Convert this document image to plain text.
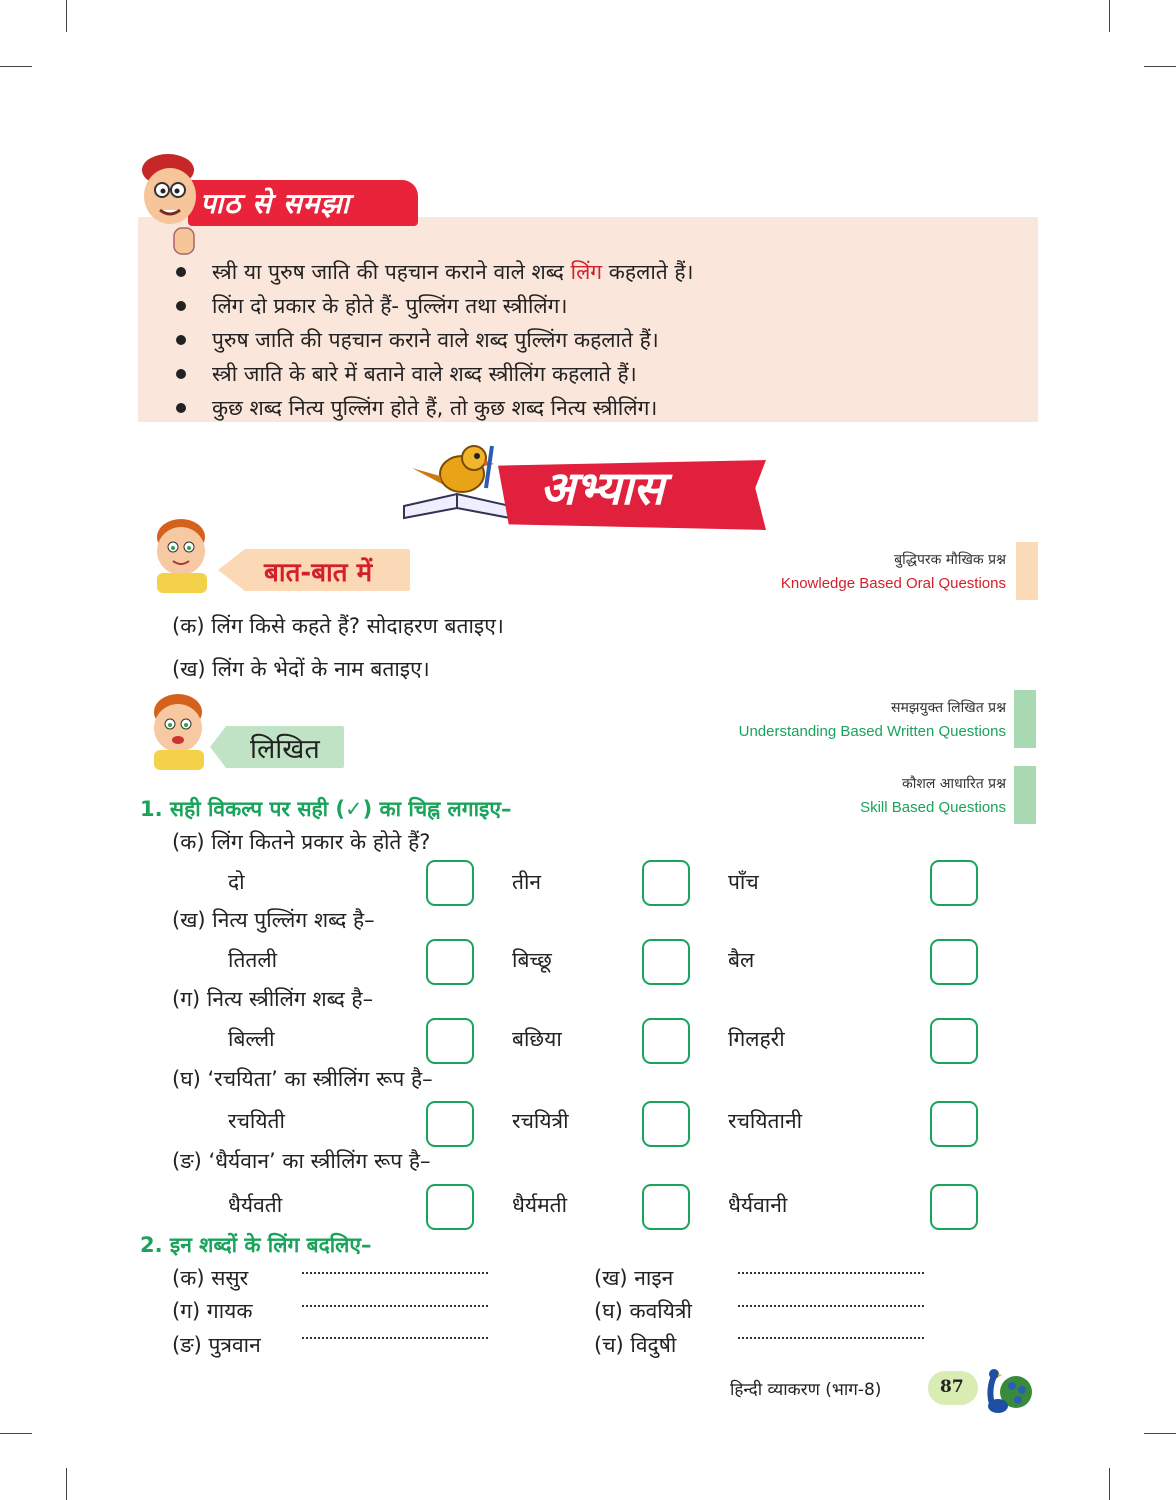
पाठ से समझा
स्त्री या पुरुष जाति की पहचान कराने वाले शब्द लिंग कहलाते हैं।
लिंग दो प्रकार के होते हैं- पुल्लिंग तथा स्त्रीलिंग।
पुरुष जाति की पहचान कराने वाले शब्द पुल्लिंग कहलाते हैं।
स्त्री जाति के बारे में बताने वाले शब्द स्त्रीलिंग कहलाते हैं।
कुछ शब्द नित्य पुल्लिंग होते हैं, तो कुछ शब्द नित्य स्त्रीलिंग।
अभ्यास
बात-बात में	बुद्धिपरक मौखिक प्रश्न
Knowledge Based Oral Questions
(क) लिंग किसे कहते हैं? सोदाहरण बताइए।
(ख) लिंग के भेदों के नाम बताइए।
लिखित
समझयुक्त लिखित प्रश्न
Understanding Based Written Questions
कौशल आधारित प्रश्न
Skill Based Questions
1. सही विकल्प पर सही (✓) का चिह्न लगाइए–
(क) लिंग कितने प्रकार के होते हैं?
दो	तीन	पाँच
(ख) नित्य पुल्लिंग शब्द है–
तितली	बिच्छू	बैल
(ग) नित्य स्त्रीलिंग शब्द है–
बिल्ली	बछिया	गिलहरी
(घ) ‘रचयिता’ का स्त्रीलिंग रूप है–
रचयिती	रचयित्री	रचयितानी
(ङ) ‘धैर्यवान’ का स्त्रीलिंग रूप है–
धैर्यवती	धैर्यमती	धैर्यवानी
2. इन शब्दों के लिंग बदलिए–
(क) ससुर	(ख) नाइन
(ग) गायक	(घ) कवयित्री
(ङ) पुत्रवान	(च) विदुषी
हिन्दी व्याकरण (भाग-8)	87
